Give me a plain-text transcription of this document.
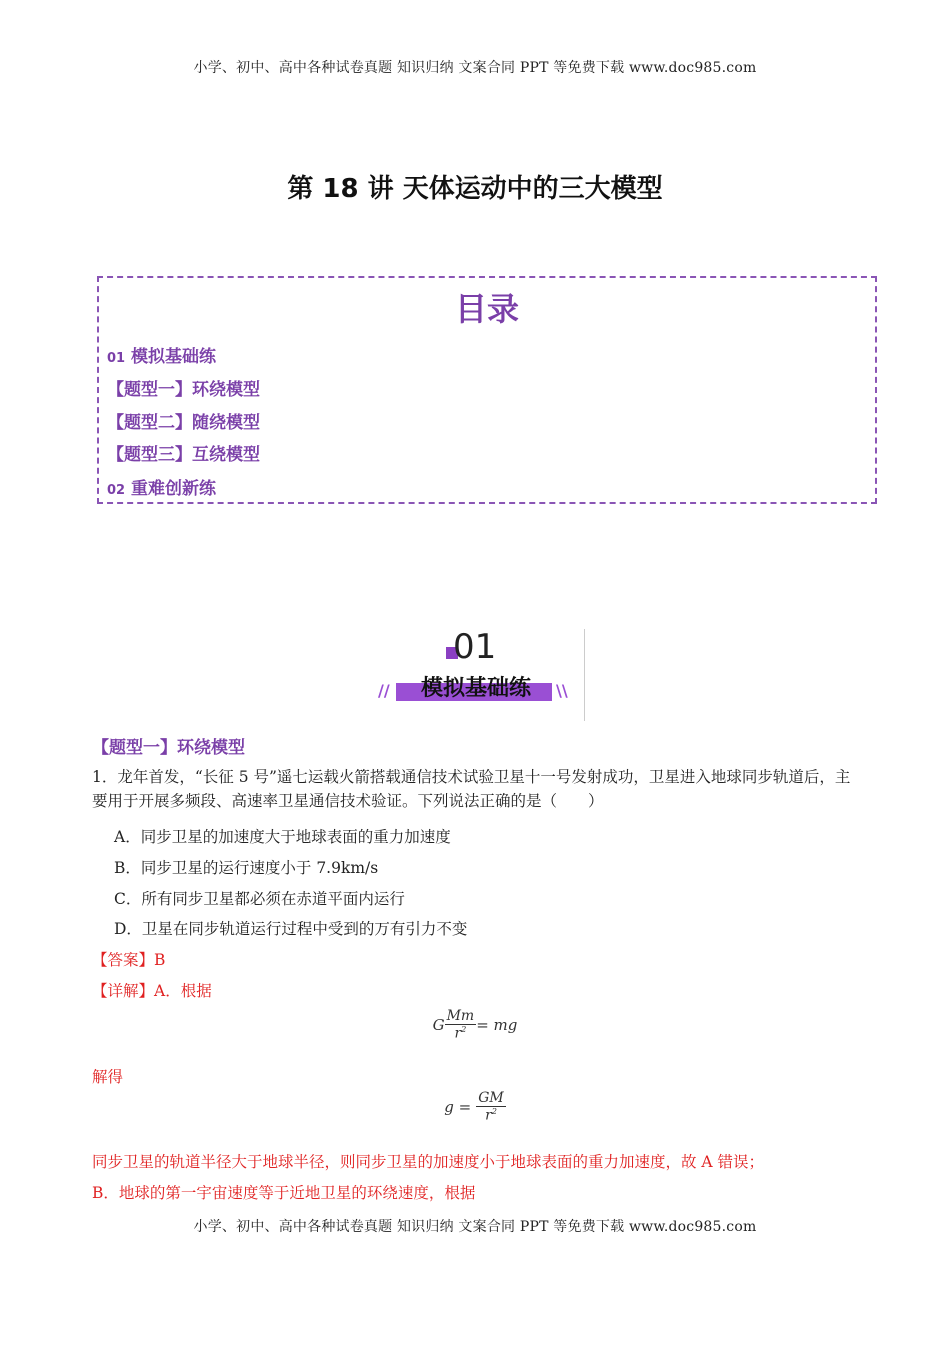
小学、初中、高中各种试卷真题 知识归纳 文案合同 PPT 等免费下载 www.doc985.com
第 18 讲 天体运动中的三大模型
目录
01 模拟基础练
【题型一】环绕模型
【题型二】随绕模型
【题型三】互绕模型
02 重难创新练
01
//	模拟基础练	\\
【题型一】环绕模型
1．龙年首发，“长征 5 号”遥七运载火箭搭载通信技术试验卫星十一号发射成功，卫星进入地球同步轨道后，主要用于开展多频段、高速率卫星通信技术验证。下列说法正确的是（　　）
A．同步卫星的加速度大于地球表面的重力加速度
B．同步卫星的运行速度小于 7.9km/s
C．所有同步卫星都必须在赤道平面内运行
D．卫星在同步轨道运行过程中受到的万有引力不变
【答案】B
【详解】A．根据
G $\frac{Mm}{r^2}$ = mg
解得
$g = \frac{GM}{r^2}$
同步卫星的轨道半径大于地球半径，则同步卫星的加速度小于地球表面的重力加速度，故 A 错误；
B．地球的第一宇宙速度等于近地卫星的环绕速度，根据
小学、初中、高中各种试卷真题 知识归纳 文案合同 PPT 等免费下载 www.doc985.com
